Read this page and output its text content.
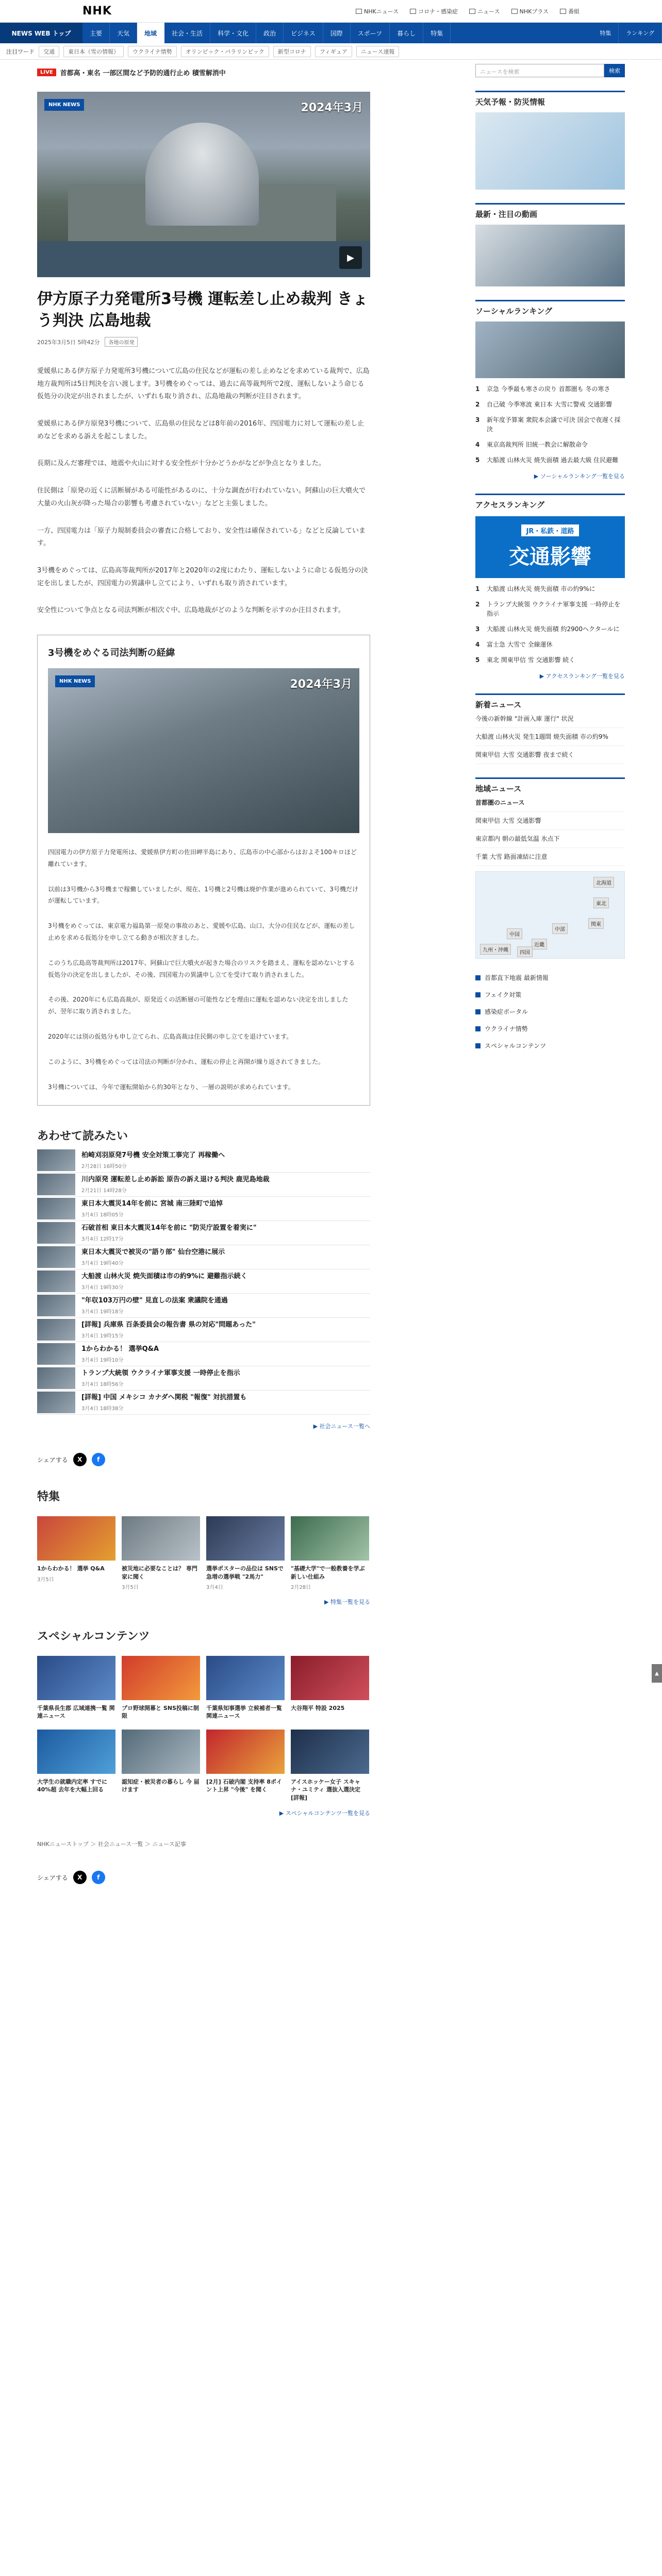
NHK	NHKニュース	コロナ・感染症	ニュース	NHKプラス	番組
NEWS WEB トップ	主要	天気	地域	社会・生活	科学・文化	政治	ビジネス	国際	スポーツ	暮らし	特集	特集	ランキング
注目ワード	交通	東日本（雪の情報）	ウクライナ情勢	オリンピック・パラリンピック	新型コロナ	フィギュア	ニュース速報
LIVE	首都高・東名 一部区間など予防的通行止め 積雪解消中
NHK NEWS	2024年3月
▶
伊方原子力発電所3号機 運転差し止め裁判 きょう判決 広島地裁
2025年3月5日 5時42分	各地の原発

愛媛県にある伊方原子力発電所3号機について広島の住民などが運転の差し止めなどを求めている裁判で、広島地方裁判所は5日判決を言い渡します。3号機をめぐっては、過去に高等裁判所で2度、運転しないよう命じる仮処分の決定が出されましたが、いずれも取り消され、広島地裁の判断が注目されます。

愛媛県にある伊方原発3号機について、広島県の住民などは8年前の2016年、四国電力に対して運転の差し止めなどを求める訴えを起こしました。

長期に及んだ審理では、地震や火山に対する安全性が十分かどうかがなどが争点となりました。

住民側は「原発の近くに活断層がある可能性があるのに、十分な調査が行われていない。阿蘇山の巨大噴火で大量の火山灰が降った場合の影響も考慮されていない」などと主張しました。

一方、四国電力は「原子力規制委員会の審査に合格しており、安全性は確保されている」などと反論しています。

3号機をめぐっては、広島高等裁判所が2017年と2020年の2度にわたり、運転しないように命じる仮処分の決定を出しましたが、四国電力の異議申し立てにより、いずれも取り消されています。

安全性について争点となる司法判断が相次ぐ中、広島地裁がどのような判断を示すのか注目されます。

3号機をめぐる司法判断の経緯
NHK NEWS	2024年3月

四国電力の伊方原子力発電所は、愛媛県伊方町の佐田岬半島にあり、広島市の中心部からはおよそ100キロほど離れています。

以前は3号機から3号機まで稼働していましたが、現在、1号機と2号機は廃炉作業が進められていて、3号機だけが運転しています。

3号機をめぐっては、東京電力福島第一原発の事故のあと、愛媛や広島、山口、大分の住民などが、運転の差し止めを求める仮処分を申し立てる動きが相次ぎました。

このうち広島高等裁判所は2017年、阿蘇山で巨大噴火が起きた場合のリスクを踏まえ、運転を認めないとする仮処分の決定を出しましたが、その後、四国電力の異議申し立てを受けて取り消されました。

その後、2020年にも広島高裁が、原発近くの活断層の可能性などを理由に運転を認めない決定を出しましたが、翌年に取り消されました。

2020年には別の仮処分も申し立てられ、広島高裁は住民側の申し立てを退けています。

このように、3号機をめぐっては司法の判断が分かれ、運転の停止と再開が繰り返されてきました。

3号機については、今年で運転開始から約30年となり、一層の説明が求められています。

あわせて読みたい
柏崎刈羽原発7号機 安全対策工事完了 再稼働へ
2月28日 16時50分
川内原発 運転差し止め訴訟 原告の訴え退ける判決 鹿児島地裁
2月21日 14時28分
東日本大震災14年を前に 宮城 南三陸町で追悼
3月4日 18時05分
石破首相 東日本大震災14年を前に "防災庁設置を着実に"
3月4日 12時17分
東日本大震災で被災の"語り部" 仙台空港に展示
3月4日 19時40分
大船渡 山林火災 焼失面積は市の約9%に 避難指示続く
3月4日 19時30分
"年収103万円の壁" 見直しの法案 衆議院を通過
3月4日 19時18分
[詳報] 兵庫県 百条委員会の報告書 県の対応"問題あった"
3月4日 19時15分
1からわかる！ 選挙Q&A
3月4日 19時10分
トランプ大統領 ウクライナ軍事支援 一時停止を指示
3月4日 18時56分
[詳報] 中国 メキシコ カナダへ関税 "報復" 対抗措置も
3月4日 18時38分
▶ 社会ニュース一覧へ
シェアする	X	f
特集
1からわかる！ 選挙 Q&A
3月5日
被災地に必要なことは？ 専門家に聞く
3月5日
選挙ポスターの品位は SNSで急増の選挙戦 "2馬力"
3月4日
"基礎大学"で一般教養を学ぶ 新しい仕組み
2月28日
▶ 特集一覧を見る
スペシャルコンテンツ
千葉県長生郡 広域連携一覧 関連ニュース
プロ野球開幕と SNS投稿に制限
千葉県知事選挙 立候補者一覧 関連ニュース
大谷翔平 特設 2025
大学生の就職内定率 すでに40%超 去年を大幅上回る
認知症・被災者の暮らし 今 届けます
[2月] 石破内閣 支持率 8ポイント上昇 "今後" を聞く
アイスホッケー女子 スキャナ・ユミティ 選抜入選決定 [詳報]
▶ スペシャルコンテンツ一覧を見る
NHKニューストップ ＞ 社会ニュース一覧 ＞ ニュース記事
シェアする	X	f
ニュースを検索	検索
天気予報・防災情報
最新・注目の動画
ソーシャルランキング
1	京急 今季最も寒さの戻り 首都圏も 冬の寒さ
2	自己破 今季寒波 東日本 大雪に警戒 交通影響
3	新年度予算案 衆院本会議で可決 国会で夜遅く採決
4	東京高裁判所 旧統一教会に解散命令
5	大船渡 山林火災 焼失面積 過去最大級 住民避難
▶ ソーシャルランキング一覧を見る
アクセスランキング
JR・私鉄・道路
交通影響
1	大船渡 山林火災 焼失面積 市の約9%に
2	トランプ大統領 ウクライナ軍事支援 一時停止を指示
3	大船渡 山林火災 焼失面積 約2900ヘクタールに
4	富士急 大雪で 全線運休
5	東北 関東甲信 雪 交通影響 続く
▶ アクセスランキング一覧を見る
新着ニュース
今後の新幹線 "計画入庫 運行" 状況
大船渡 山林火災 発生1週間 焼失面積 市の約9%
関東甲信 大雪 交通影響 夜まで続く
地域ニュース
首都圏のニュース
関東甲信 大雪 交通影響
東京都内 朝の最低気温 氷点下
千葉 大雪 路面凍結に注意
北海道
東北
関東
中部
近畿
中国
四国
九州・沖縄
首都直下地震 最新情報
フェイク対策
感染症ポータル
ウクライナ情勢
スペシャルコンテンツ
▲
